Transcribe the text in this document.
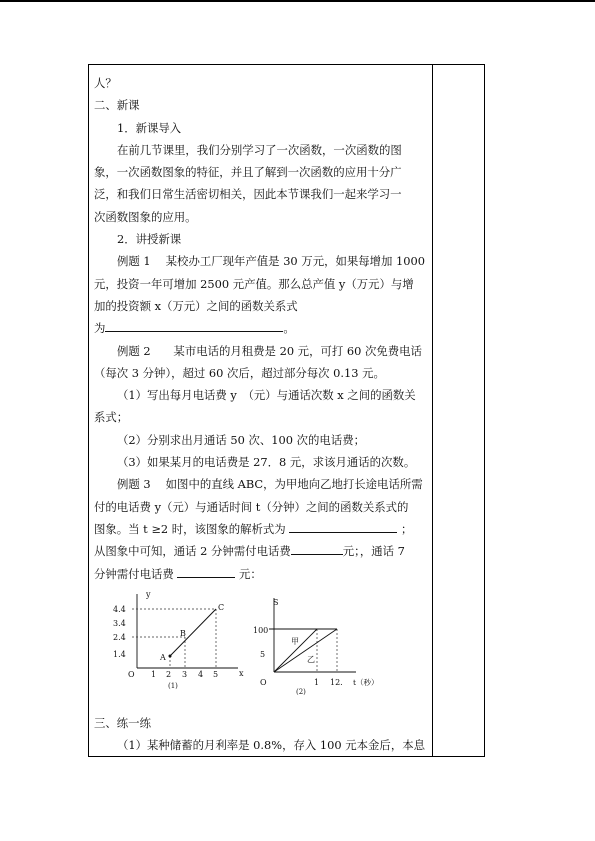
人？

二、新课

1．新课导入

在前几节课里，我们分别学习了一次函数，一次函数的图

象，一次函数图象的特征，并且了解到一次函数的应用十分广

泛，和我们日常生活密切相关，因此本节课我们一起来学习一

次函数图象的应用。

2．讲授新课

例题 1　 某校办工厂现年产值是 30 万元，如果每增加 1000

元，投资一年可增加 2500 元产值。那么总产值 y（万元）与增

加的投资额 x（万元）之间的函数关系式

为	。

例题 2　　某市电话的月租费是 20 元，可打 60 次免费电话

（每次 3 分钟），超过 60 次后，超过部分每次 0.13 元。

（1）写出每月电话费 y　（元）与通话次数 x 之间的函数关

系式；

（2）分别求出月通话 50 次、100 次的电话费；

（3）如果某月的电话费是 27．8 元，求该月通话的次数。

例题 3　 如图中的直线 ABC，为甲地向乙地打长途电话所需

付的电话费 y（元）与通话时间 t（分钟）之间的函数关系式的

图象。当 t ≥2 时，该图象的解析式为	；

从图象中可知，通话 2 分钟需付电话费	元；，通话 7

分钟需付电话费	元：

y
x
O
4.4
3.4
2.4
1.4
1 2 3 4 5
A
B
C
(1)
S
O
100
5
1 12. t（秒）
甲
乙
(2)

三、练一练

（1）某种储蓄的月利率是 0.8%，存入 100 元本金后，本息
